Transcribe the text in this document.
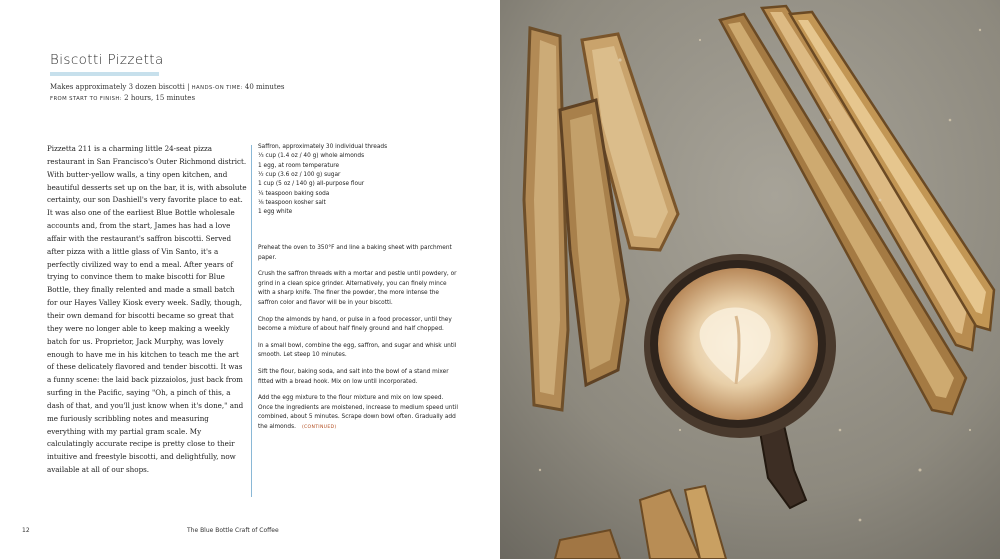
Biscotti Pizzetta
Makes approximately 3 dozen biscotti | HANDS-ON TIME: 40 minutes
FROM START TO FINISH: 2 hours, 15 minutes
Pizzetta 211 is a charming little 24-seat pizza restaurant in San Francisco's Outer Richmond district. With butter-yellow walls, a tiny open kitchen, and beautiful desserts set up on the bar, it is, with absolute certainty, our son Dashiell's very favorite place to eat. It was also one of the earliest Blue Bottle wholesale accounts and, from the start, James has had a love affair with the restaurant's saffron biscotti. Served after pizza with a little glass of Vin Santo, it's a perfectly civilized way to end a meal. After years of trying to convince them to make biscotti for Blue Bottle, they finally relented and made a small batch for our Hayes Valley Kiosk every week. Sadly, though, their own demand for biscotti became so great that they were no longer able to keep making a weekly batch for us. Proprietor, Jack Murphy, was lovely enough to have me in his kitchen to teach me the art of these delicately flavored and tender biscotti. It was a funny scene: the laid back pizzaiolos, just back from surfing in the Pacific, saying "Oh, a pinch of this, a dash of that, and you'll just know when it's done," and me furiously scribbling notes and measuring everything with my partial gram scale. My calculatingly accurate recipe is pretty close to their intuitive and freestyle biscotti, and delightfully, now available at all of our shops.
Saffron, approximately 30 individual threads
⅓ cup (1.4 oz / 40 g) whole almonds
1 egg, at room temperature
½ cup (3.6 oz / 100 g) sugar
1 cup (5 oz / 140 g) all-purpose flour
¼ teaspoon baking soda
⅛ teaspoon kosher salt
1 egg white

Preheat the oven to 350°F and line a baking sheet with parchment paper.

Crush the saffron threads with a mortar and pestle until powdery, or grind in a clean spice grinder. Alternatively, you can finely mince with a sharp knife. The finer the powder, the more intense the saffron color and flavor will be in your biscotti.

Chop the almonds by hand, or pulse in a food processor, until they become a mixture of about half finely ground and half chopped.

In a small bowl, combine the egg, saffron, and sugar and whisk until smooth. Let steep 10 minutes.

Sift the flour, baking soda, and salt into the bowl of a stand mixer fitted with a bread hook. Mix on low until incorporated.

Add the egg mixture to the flour mixture and mix on low speed. Once the ingredients are moistened, increase to medium speed until combined, about 5 minutes. Scrape down bowl often. Gradually add the almonds. (CONTINUED)

12	The Blue Bottle Craft of Coffee
